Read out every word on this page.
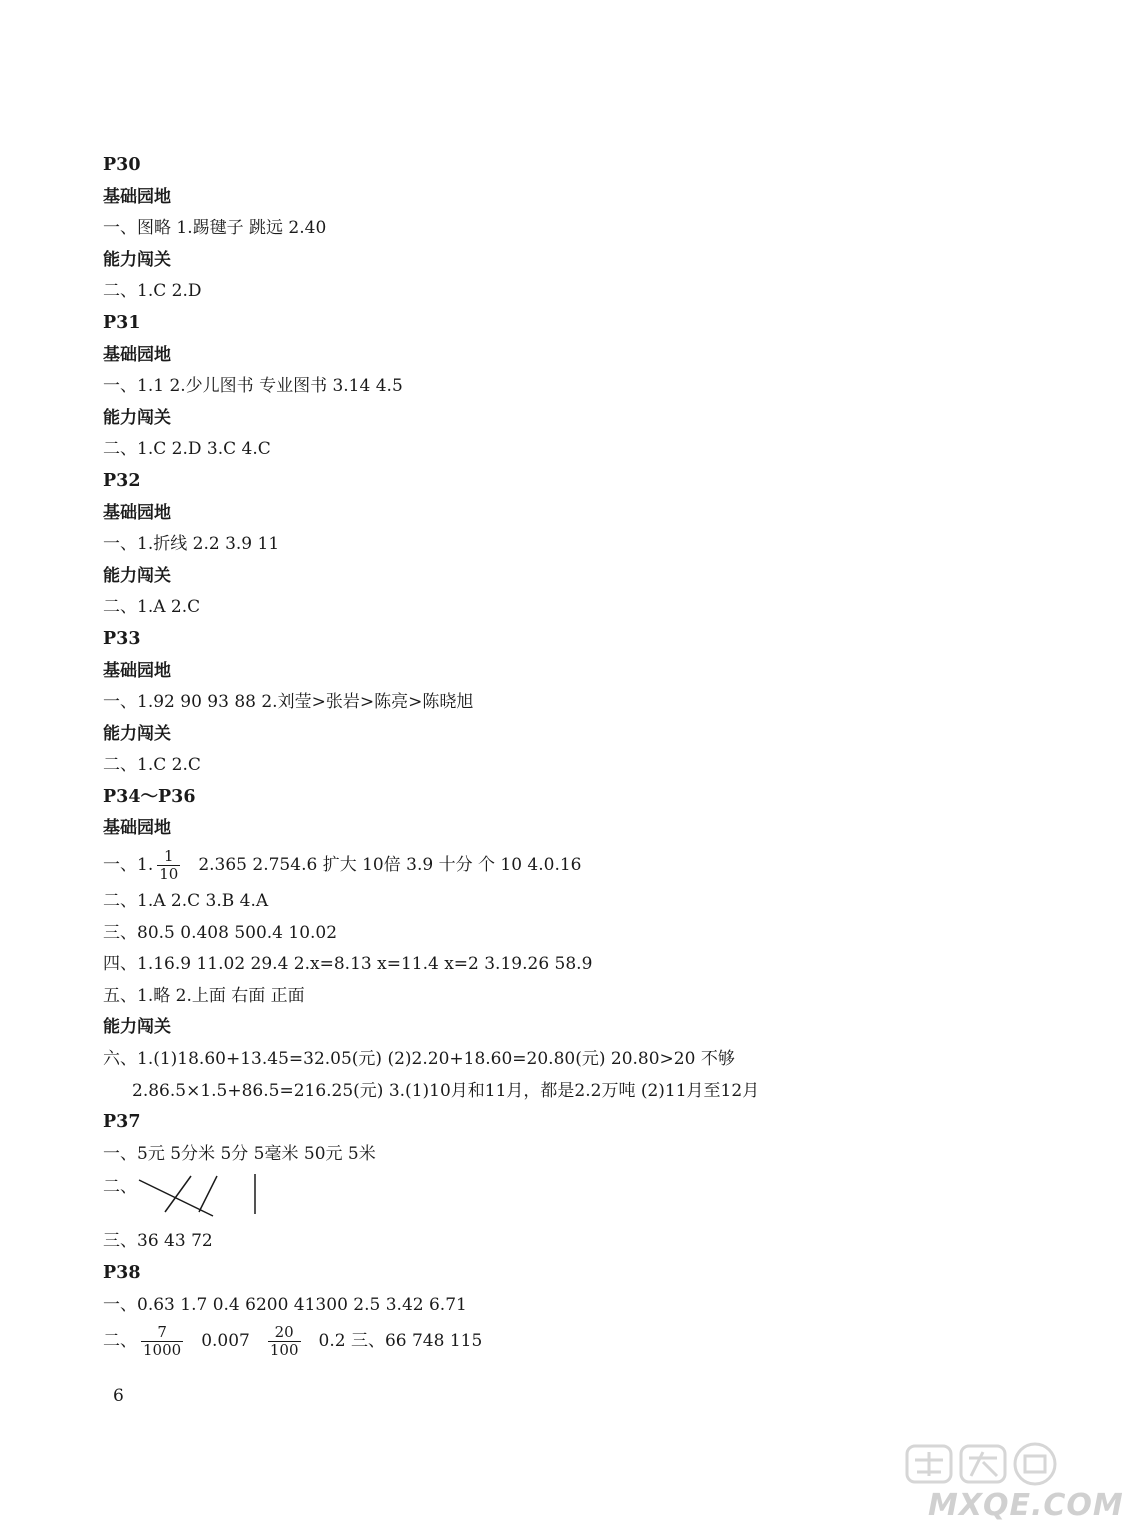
P30
基础园地
一、图略 1.踢毽子 跳远 2.40
能力闯关
二、1.C 2.D
P31
基础园地
一、1.1 2.少儿图书 专业图书 3.14 4.5
能力闯关
二、1.C 2.D 3.C 4.C
P32
基础园地
一、1.折线 2.2 3.9 11
能力闯关
二、1.A 2.C
P33
基础园地
一、1.92 90 93 88 2.刘莹>张岩>陈亮>陈晓旭
能力闯关
二、1.C 2.C
P34～P36
基础园地
一、1. $\frac{1}{10} 2.365$ 2.754.6 扩大 10倍 3.9 十分 个 10 4.0.16
二、1.A 2.C 3.B 4.A
三、80.5 0.408 500.4 10.02
四、1.16.9 11.02 29.4 2.x=8.13 x=11.4 x=2 3.19.26 58.9
五、1.略 2.上面 右面 正面
能力闯关
六、1.(1)18.60+13.45=32.05(元) (2)2.20+18.60=20.80(元) 20.80>20 不够
2.86.5×1.5+86.5=216.25(元) 3.(1)10月和11月，都是2.2万吨 (2)11月至12月
P37
一、5元 5分米 5分 5毫米 50元 5米
二、
三、36 43 72
P38
一、0.63 1.7 0.4 6200 41300 2.5 3.42 6.71
二、 $\frac{7}{1000} 0.007 \frac{20}{100} 0.2$ 三、66 748 115
6
MXQE.COM
